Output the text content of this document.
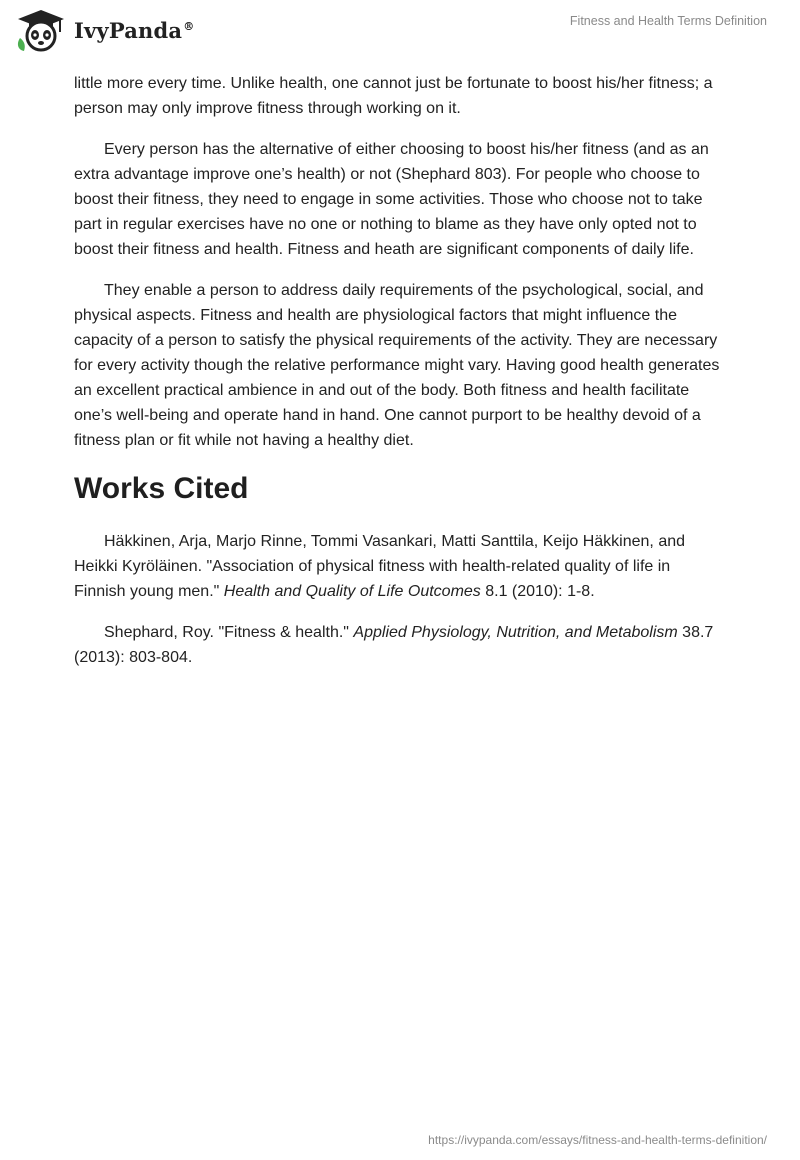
IvyPanda®	Fitness and Health Terms Definition

little more every time. Unlike health, one cannot just be fortunate to boost his/her fitness; a person may only improve fitness through working on it.

Every person has the alternative of either choosing to boost his/her fitness (and as an extra advantage improve one’s health) or not (Shephard 803). For people who choose to boost their fitness, they need to engage in some activities. Those who choose not to take part in regular exercises have no one or nothing to blame as they have only opted not to boost their fitness and health. Fitness and heath are significant components of daily life.

They enable a person to address daily requirements of the psychological, social, and physical aspects. Fitness and health are physiological factors that might influence the capacity of a person to satisfy the physical requirements of the activity. They are necessary for every activity though the relative performance might vary. Having good health generates an excellent practical ambience in and out of the body. Both fitness and health facilitate one’s well-being and operate hand in hand. One cannot purport to be healthy devoid of a fitness plan or fit while not having a healthy diet.

Works Cited

Häkkinen, Arja, Marjo Rinne, Tommi Vasankari, Matti Santtila, Keijo Häkkinen, and Heikki Kyröläinen. "Association of physical fitness with health-related quality of life in Finnish young men." Health and Quality of Life Outcomes 8.1 (2010): 1-8.

Shephard, Roy. "Fitness & health." Applied Physiology, Nutrition, and Metabolism 38.7 (2013): 803-804.

https://ivypanda.com/essays/fitness-and-health-terms-definition/
